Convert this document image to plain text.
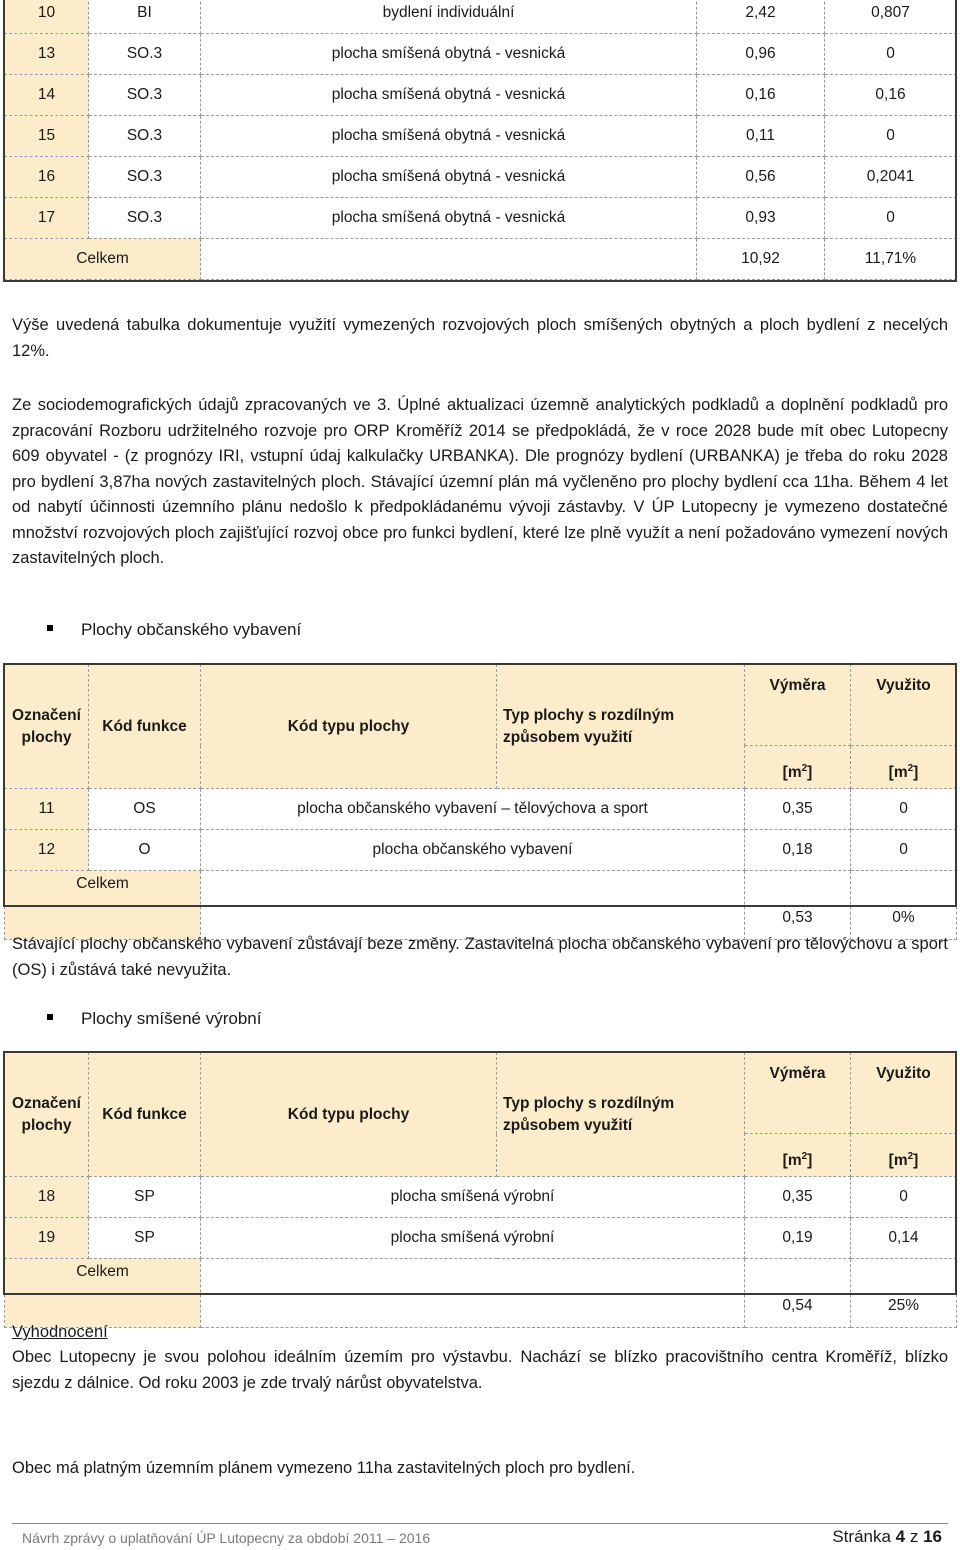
10	BI	bydlení individuální	2,42	0,807
13	SO.3	plocha smíšená obytná - vesnická	0,96	0
14	SO.3	plocha smíšená obytná - vesnická	0,16	0,16
15	SO.3	plocha smíšená obytná - vesnická	0,11	0
16	SO.3	plocha smíšená obytná - vesnická	0,56	0,2041
17	SO.3	plocha smíšená obytná - vesnická	0,93	0
Celkem			10,92	11,71%
Výše uvedená tabulka dokumentuje využití vymezených rozvojových ploch smíšených obytných a ploch bydlení z necelých 12%.
Ze sociodemografických údajů zpracovaných ve 3. Úplné aktualizaci územně analytických podkladů a doplnění podkladů pro zpracování Rozboru udržitelného rozvoje pro ORP Kroměříž 2014 se předpokládá, že v roce 2028 bude mít obec Lutopecny 609 obyvatel - (z prognózy IRI, vstupní údaj kalkulačky URBANKA). Dle prognózy bydlení (URBANKA) je třeba do roku 2028 pro bydlení 3,87ha nových zastavitelných ploch. Stávající územní plán má vyčleněno pro plochy bydlení cca 11ha. Během 4 let od nabytí účinnosti územního plánu nedošlo k předpokládanému vývoji zástavby. V ÚP Lutopecny je vymezeno dostatečné množství rozvojových ploch zajišťující rozvoj obce pro funkci bydlení, které lze plně využít a není požadováno vymezení nových zastavitelných ploch.
Plochy občanského vybavení
Označení plochy	Kód funkce	Kód typu plochy	Typ plochy s rozdílným způsobem využití	Výměra	Využito
				$[m^2]$	$[m^2]$
11	OS	plocha občanského vybavení – tělovýchova a sport		0,35	0
12	O	plocha občanského vybavení		0,18	0
Celkem				0,53	0%
Stávající plochy občanského vybavení zůstávají beze změny. Zastavitelná plocha občanského vybavení pro tělovýchovu a sport (OS) i zůstává také nevyužita.
Plochy smíšené výrobní
Označení plochy	Kód funkce	Kód typu plochy	Typ plochy s rozdílným způsobem využití	Výměra	Využito
				$[m^2]$	$[m^2]$
18	SP	plocha smíšená výrobní		0,35	0
19	SP	plocha smíšená výrobní		0,19	0,14
Celkem				0,54	25%
Vyhodnocení
Obec Lutopecny je svou polohou ideálním územím pro výstavbu. Nachází se blízko pracovištního centra Kroměříž, blízko sjezdu z dálnice. Od roku 2003 je zde trvalý nárůst obyvatelstva.
Obec má platným územním plánem vymezeno 11ha zastavitelných ploch pro bydlení.
Návrh zprávy o uplatňování ÚP Lutopecny za období 2011 – 2016	Stránka 4 z 16
